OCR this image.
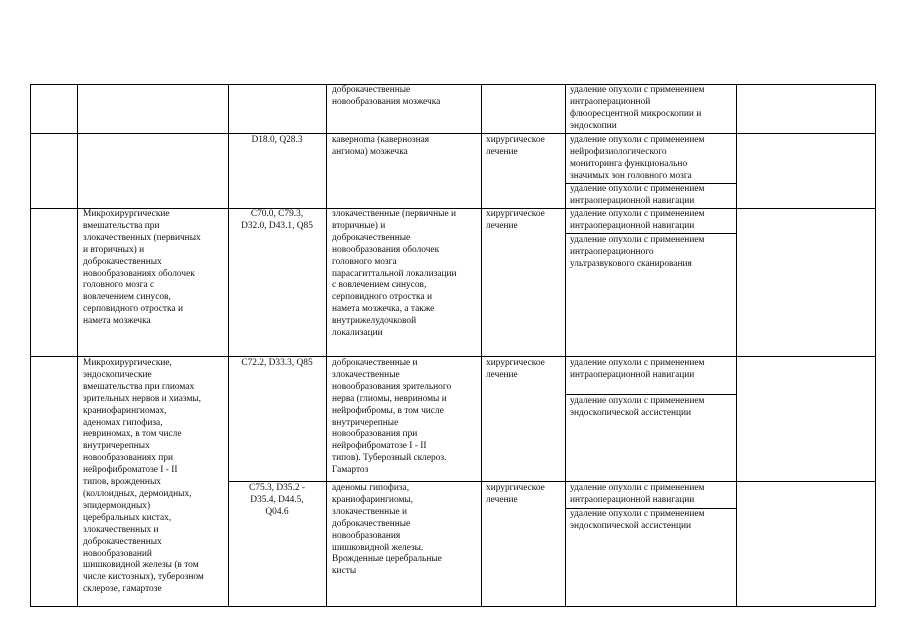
доброкачественные
новообразования мозжечка
удаление опухоли с применением
интраоперационной
флюоресцентной микроскопии и
эндоскопии
D18.0, Q28.3	каверноma (кавернозная
ангиома) мозжечка
хирургическое
лечение
удаление опухоли с применением
нейрофизиологического
мониторинга функционально
значимых зон головного мозга
удаление опухоли с применением
интраоперационной навигации
Микрохирургические
вмешательства при
злокачественных (первичных
и вторичных) и
доброкачественных
новообразованиях оболочек
головного мозга с
вовлечением синусов,
серповидного отростка и
намета мозжечка
C70.0, C79.3,
D32.0, D43.1, Q85
злокачественные (первичные и
вторичные) и
доброкачественные
новообразования оболочек
головного мозга
парасагиттальной локализации
с вовлечением синусов,
серповидного отростка и
намета мозжечка, а также
внутрижелудочковой
локализации
хирургическое
лечение
удаление опухоли с применением
интраоперационной навигации
удаление опухоли с применением
интраоперационного
ультразвукового сканирования
Микрохирургические,
эндоскопические
вмешательства при глиомах
зрительных нервов и хиазмы,
краниофарингиомах,
аденомах гипофиза,
невриномах, в том числе
внутричерепных
новообразованиях при
нейрофиброматозе I - II
типов, врожденных
(коллоидных, дермоидных,
эпидермоидных)
церебральных кистах,
злокачественных и
доброкачественных
новообразований
шишковидной железы (в том
числе кистозных), туберозном
склерозе, гамартозе
C72.2, D33.3, Q85	доброкачественные и
злокачественные
новообразования зрительного
нерва (глиомы, невриномы и
нейрофибромы, в том числе
внутричерепные
новообразования при
нейрофиброматозе I - II
типов). Туберозный склероз.
Гамартоз
хирургическое
лечение
удаление опухоли с применением
интраоперационной навигации
удаление опухоли с применением
эндоскопической ассистенции
C75.3, D35.2 -
D35.4, D44.5,
Q04.6
аденомы гипофиза,
краниофарингиомы,
злокачественные и
доброкачественные
новообразования
шишковидной железы.
Врожденные церебральные
кисты
хирургическое
лечение
удаление опухоли с применением
интраоперационной навигации
удаление опухоли с применением
эндоскопической ассистенции
